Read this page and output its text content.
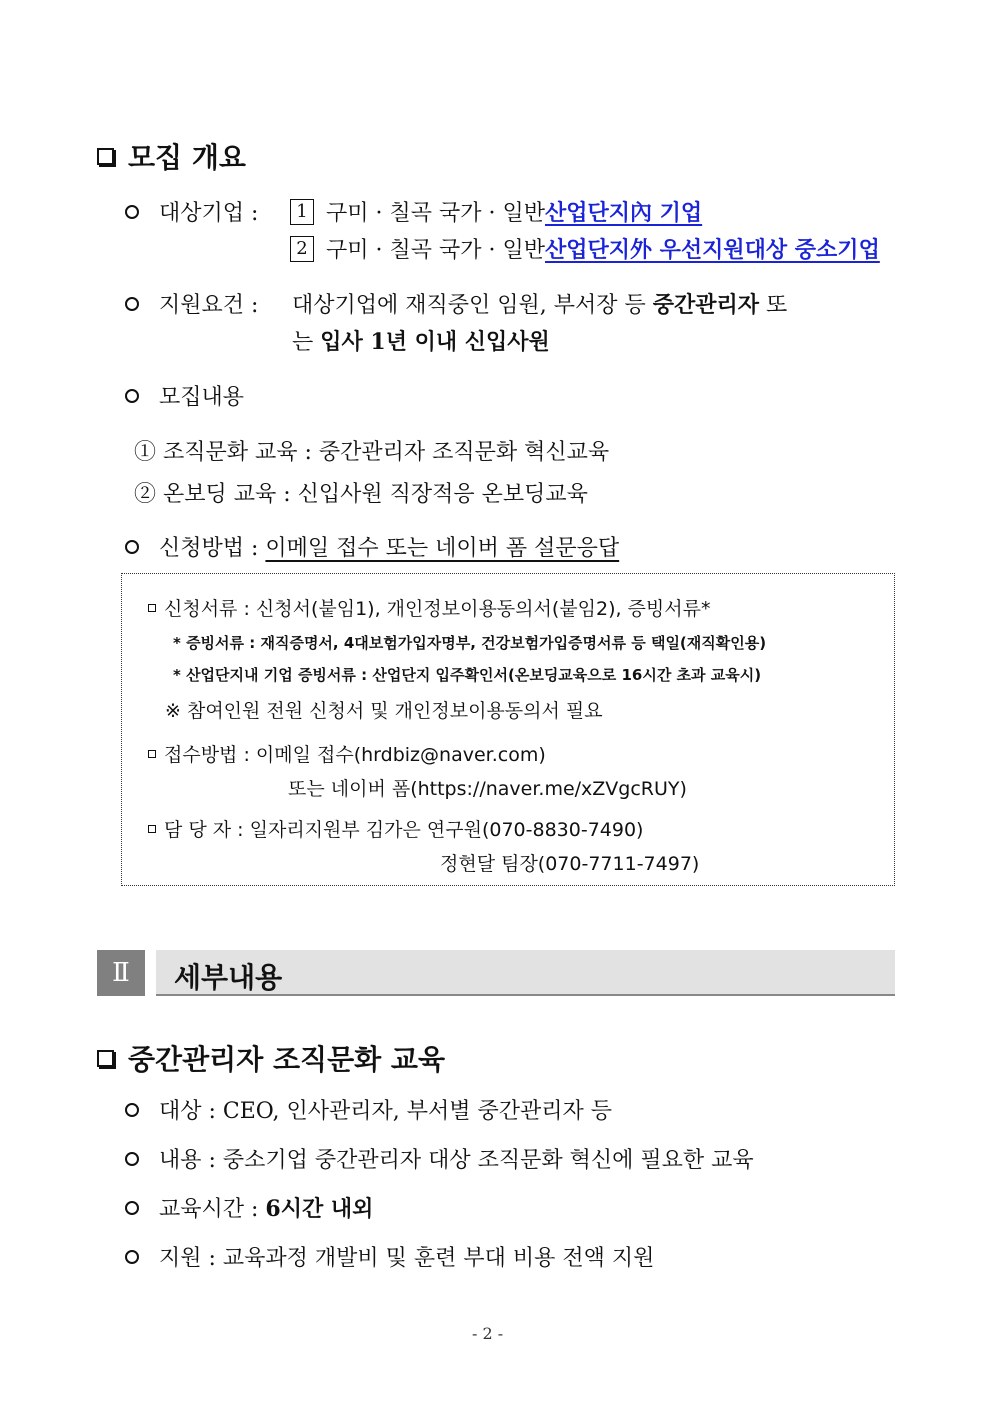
모집 개요
대상기업 :	1 구미 · 칠곡 국가 · 일반산업단지內 기업
2 구미 · 칠곡 국가 · 일반산업단지外 우선지원대상 중소기업
지원요건 : 대상기업에 재직중인 임원, 부서장 등 중간관리자 또
는 입사 1년 이내 신입사원
모집내용
① 조직문화 교육 : 중간관리자 조직문화 혁신교육
② 온보딩 교육 : 신입사원 직장적응 온보딩교육
신청방법 : 이메일 접수 또는 네이버 폼 설문응답
신청서류 : 신청서(붙임1), 개인정보이용동의서(붙임2), 증빙서류*
* 증빙서류 : 재직증명서, 4대보험가입자명부, 건강보험가입증명서류 등 택일(재직확인용)
* 산업단지내 기업 증빙서류 : 산업단지 입주확인서(온보딩교육으로 16시간 초과 교육시)
※ 참여인원 전원 신청서 및 개인정보이용동의서 필요
접수방법 : 이메일 접수(hrdbiz@naver.com)
또는 네이버 폼(https://naver.me/xZVgcRUY)
담 당 자 : 일자리지원부 김가은 연구원(070-8830-7490)
정현달 팀장(070-7711-7497)
Ⅱ	세부내용
중간관리자 조직문화 교육
대상 : CEO, 인사관리자, 부서별 중간관리자 등
내용 : 중소기업 중간관리자 대상 조직문화 혁신에 필요한 교육
교육시간 : 6시간 내외
지원 : 교육과정 개발비 및 훈련 부대 비용 전액 지원
- 2 -
